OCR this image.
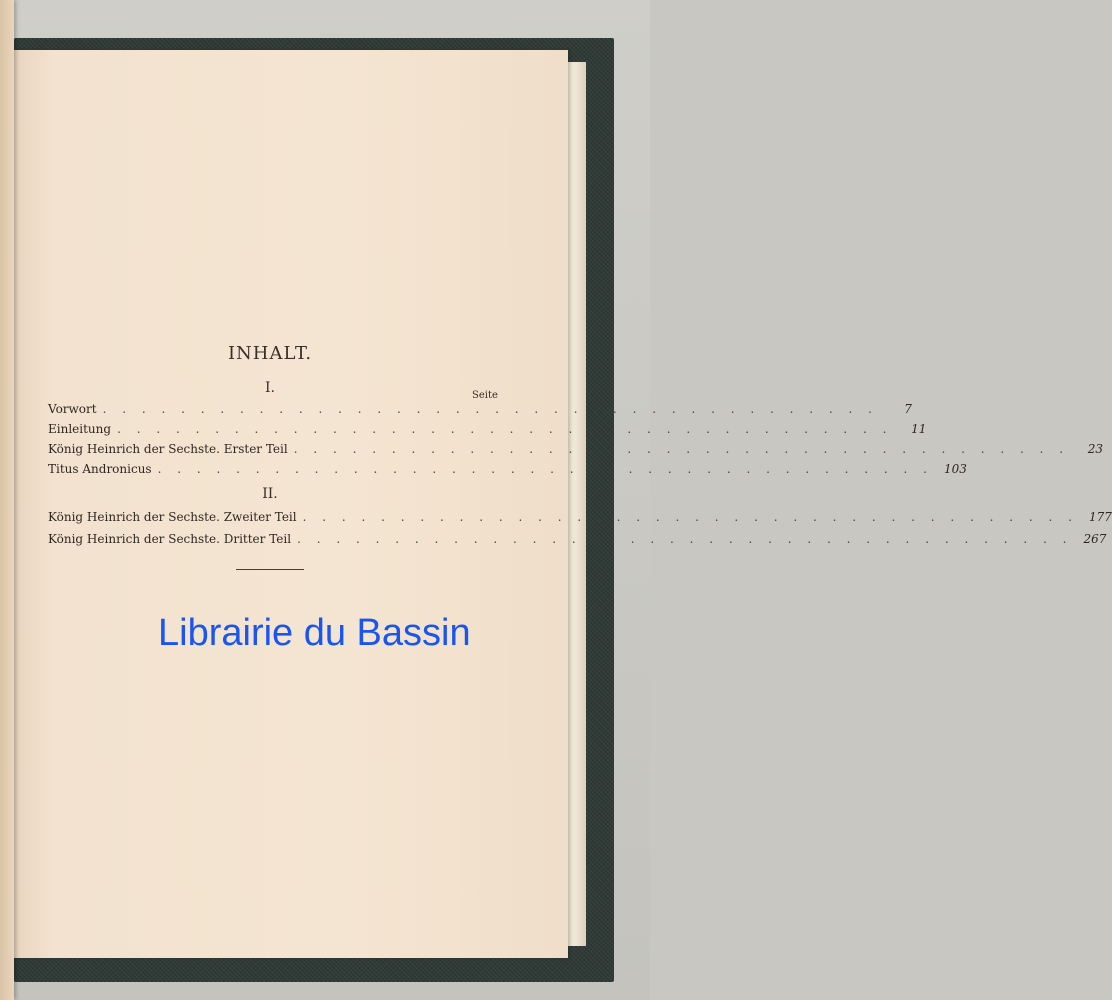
INHALT.
I.	Seite
Vorwort . . . . . . . . . . . . . . . . . . . . . . . . . . . . . . . . . . . . . . . .	7
Einleitung . . . . . . . . . . . . . . . . . . . . . . . . . . . . . . . . . . . . . . . .	11
König Heinrich der Sechste. Erster Teil . . . . . . . . . . . . . . . . . . . . . . . . . . . . . . . . . . . . . . . .	23
Titus Andronicus . . . . . . . . . . . . . . . . . . . . . . . . . . . . . . . . . . . . . . . . 103
II.
König Heinrich der Sechste. Zweiter Teil . . . . . . . . . . . . . . . . . . . . . . . . . . . . . . . . . . . . . . . . 177
König Heinrich der Sechste. Dritter Teil . . . . . . . . . . . . . . . . . . . . . . . . . . . . . . . . . . . . . . . . 267
Librairie du Bassin
